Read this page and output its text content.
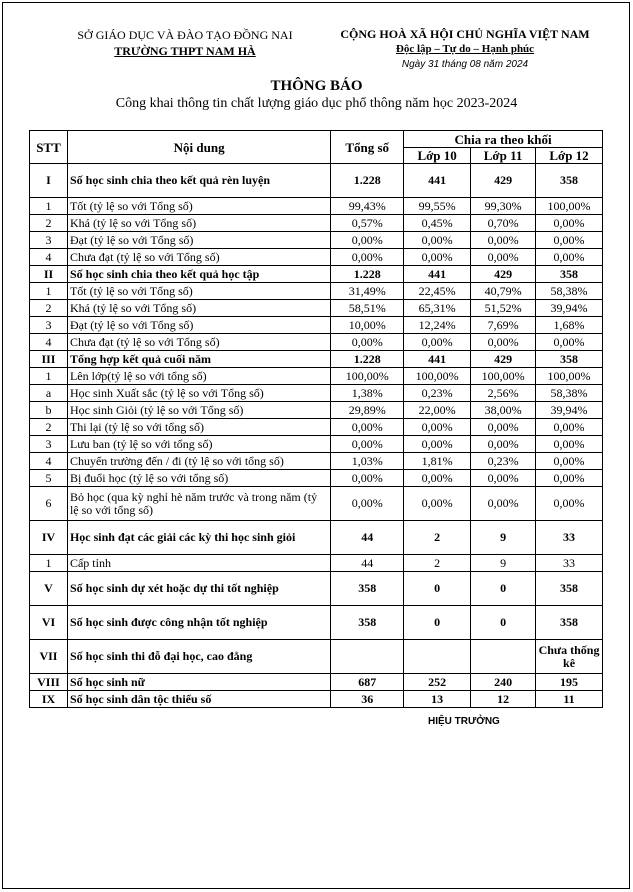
SỞ GIÁO DỤC VÀ ĐÀO TẠO ĐỒNG NAI
TRƯỜNG THPT NAM HÀ
CỘNG HOÀ XÃ HỘI CHỦ NGHĨA VIỆT NAM
Độc lập – Tự do – Hạnh phúc
Ngày 31 tháng 08 năm 2024
THÔNG BÁO
Công khai thông tin chất lượng giáo dục phổ thông năm học 2023-2024
STT	Nội dung	Tổng số	Chia ra theo khối		
			Lớp 10	Lớp 11	Lớp 12
I	Số học sinh chia theo kết quả rèn luyện	1.228	441	429	358
1	Tốt (tỷ lệ so với Tổng số)	99,43%	99,55%	99,30%	100,00%
2	Khá (tỷ lệ so với Tổng số)	0,57%	0,45%	0,70%	0,00%
3	Đạt (tỷ lệ so với Tổng số)	0,00%	0,00%	0,00%	0,00%
4	Chưa đạt (tỷ lệ so với Tổng số)	0,00%	0,00%	0,00%	0,00%
II	Số học sinh chia theo kết quả học tập	1.228	441	429	358
1	Tốt (tỷ lệ so với Tổng số)	31,49%	22,45%	40,79%	58,38%
2	Khá (tỷ lệ so với Tổng số)	58,51%	65,31%	51,52%	39,94%
3	Đạt (tỷ lệ so với Tổng số)	10,00%	12,24%	7,69%	1,68%
4	Chưa đạt (tỷ lệ so với Tổng số)	0,00%	0,00%	0,00%	0,00%
III	Tổng hợp kết quả cuối năm	1.228	441	429	358
1	Lên lớp(tỷ lệ so với tổng số)	100,00%	100,00%	100,00%	100,00%
a	Học sinh Xuất sắc (tỷ lệ so với Tổng số)	1,38%	0,23%	2,56%	58,38%
b	Học sinh Giỏi (tỷ lệ so với Tổng số)	29,89%	22,00%	38,00%	39,94%
2	Thi lại (tỷ lệ so với tổng số)	0,00%	0,00%	0,00%	0,00%
3	Lưu ban (tỷ lệ so với tổng số)	0,00%	0,00%	0,00%	0,00%
4	Chuyển trường đến / đi (tỷ lệ so với tổng số)	1,03%	1,81%	0,23%	0,00%
5	Bị đuổi học (tỷ lệ so với tổng số)	0,00%	0,00%	0,00%	0,00%
6	Bỏ học (qua kỳ nghỉ hè năm trước và trong năm (tỷ lệ so với tổng số)	0,00%	0,00%	0,00%	0,00%
IV	Học sinh đạt các giải các kỳ thi học sinh giỏi	44	2	9	33
1	Cấp tỉnh	44	2	9	33
V	Số học sinh dự xét hoặc dự thi tốt nghiệp	358	0	0	358
VI	Số học sinh được công nhận tốt nghiệp	358	0	0	358
VII	Số học sinh thi đỗ đại học, cao đẳng				Chưa thống kê
VIII	Số học sinh nữ	687	252	240	195
IX	Số học sinh dân tộc thiểu số	36	13	12	11
HIỆU TRƯỞNG
